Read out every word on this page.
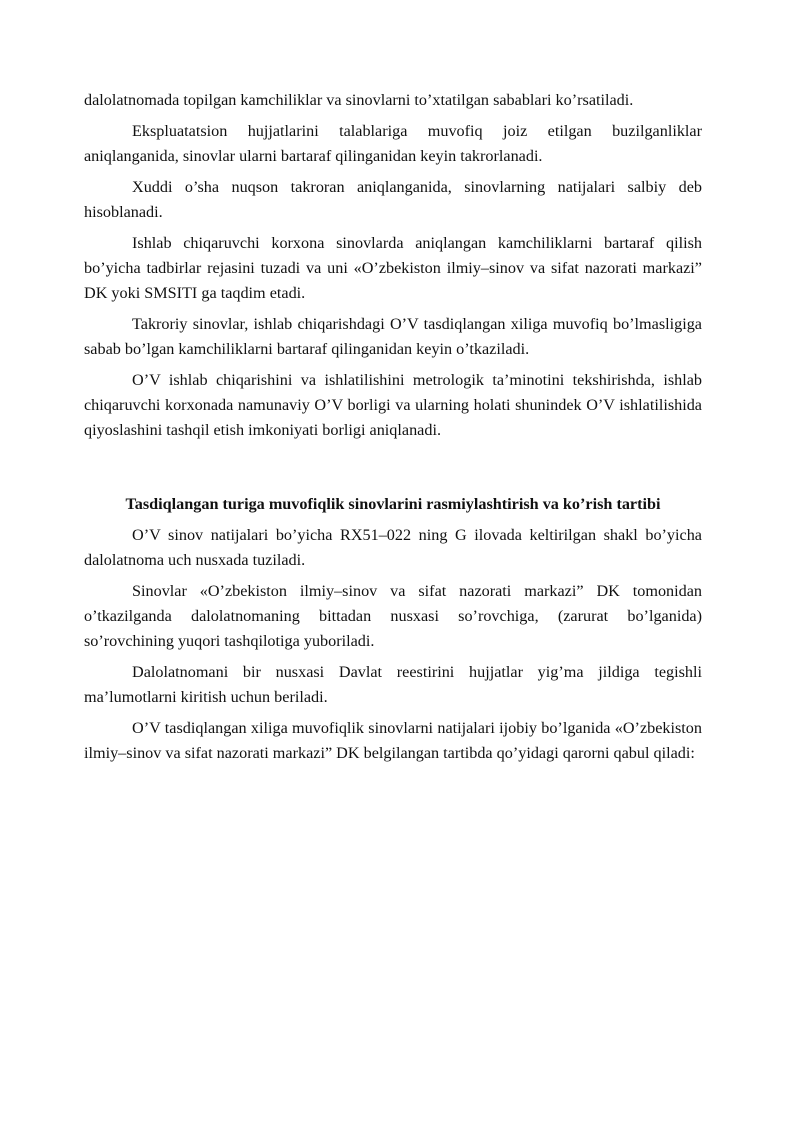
dalolatnomada topilgan kamchiliklar va sinovlarni to’xtatilgan sabablari ko’rsatiladi.

Ekspluatatsion hujjatlarini talablariga muvofiq joiz etilgan buzilganliklar aniqlanganida, sinovlar ularni bartaraf qilinganidan keyin takrorlanadi.

Xuddi o’sha nuqson takroran aniqlanganida, sinovlarning natijalari salbiy deb hisoblanadi.

Ishlab chiqaruvchi korxona sinovlarda aniqlangan kamchiliklarni bartaraf qilish bo’yicha tadbirlar rejasini tuzadi va uni «O’zbekiston ilmiy–sinov va sifat nazorati markazi” DK yoki SMSITI ga taqdim etadi.

Takroriy sinovlar, ishlab chiqarishdagi O’V tasdiqlangan xiliga muvofiq bo’lmasligiga sabab bo’lgan kamchiliklarni bartaraf qilinganidan keyin o’tkaziladi.

O’V ishlab chiqarishini va ishlatilishini metrologik ta’minotini tekshirishda, ishlab chiqaruvchi korxonada namunaviy O’V borligi va ularning holati shunindek O’V ishlatilishida qiyoslashini tashqil etish imkoniyati borligi aniqlanadi.

Tasdiqlangan turiga muvofiqlik sinovlarini rasmiylashtirish va ko’rish tartibi

O’V sinov natijalari bo’yicha RX51–022 ning G ilovada keltirilgan shakl bo’yicha dalolatnoma uch nusxada tuziladi.

Sinovlar «O’zbekiston ilmiy–sinov va sifat nazorati markazi” DK tomonidan o’tkazilganda dalolatnomaning bittadan nusxasi so’rovchiga, (zarurat bo’lganida) so’rovchining yuqori tashqilotiga yuboriladi.

Dalolatnomani bir nusxasi Davlat reestirini hujjatlar yig’ma jildiga tegishli ma’lumotlarni kiritish uchun beriladi.

O’V tasdiqlangan xiliga muvofiqlik sinovlarni natijalari ijobiy bo’lganida «O’zbekiston ilmiy–sinov va sifat nazorati markazi” DK belgilangan tartibda qo’yidagi qarorni qabul qiladi:
